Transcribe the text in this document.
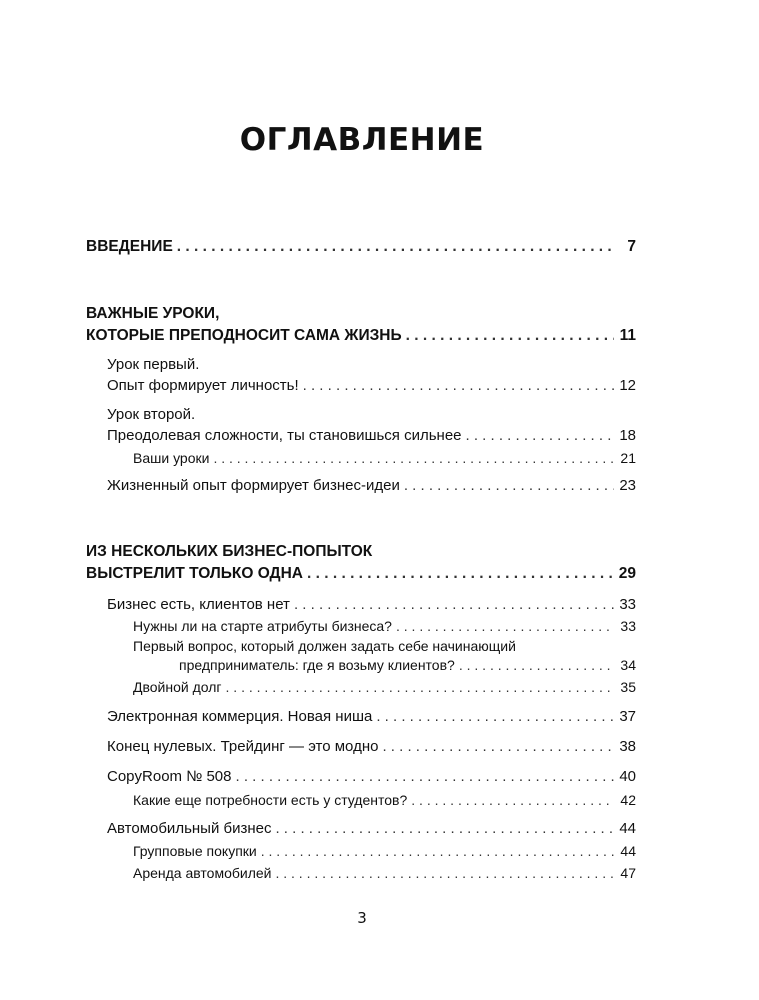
ОГЛАВЛЕНИЕ
ВВЕДЕНИЕ . . .	7
ВАЖНЫЕ УРОКИ,
КОТОРЫЕ ПРЕПОДНОСИТ САМА ЖИЗНЬ . . .	11
Урок первый.
Опыт формирует личность! . . .	12
Урок второй.
Преодолевая сложности, ты становишься сильнее . . .	18
Ваши уроки . . .	21
Жизненный опыт формирует бизнес-идеи . . .	23
ИЗ НЕСКОЛЬКИХ БИЗНЕС-ПОПЫТОК
ВЫСТРЕЛИТ ТОЛЬКО ОДНА . . .	29
Бизнес есть, клиентов нет . . .	33
Нужны ли на старте атрибуты бизнеса? . . .	33
Первый вопрос, который должен задать себе начинающий
предприниматель: где я возьму клиентов? . . .	34
Двойной долг . . .	35
Электронная коммерция. Новая ниша . . .	37
Конец нулевых. Трейдинг — это модно . . .	38
CopyRoom № 508 . . .	40
Какие еще потребности есть у студентов? . . .	42
Автомобильный бизнес . . .	44
Групповые покупки . . .	44
Аренда автомобилей . . .	47
3
